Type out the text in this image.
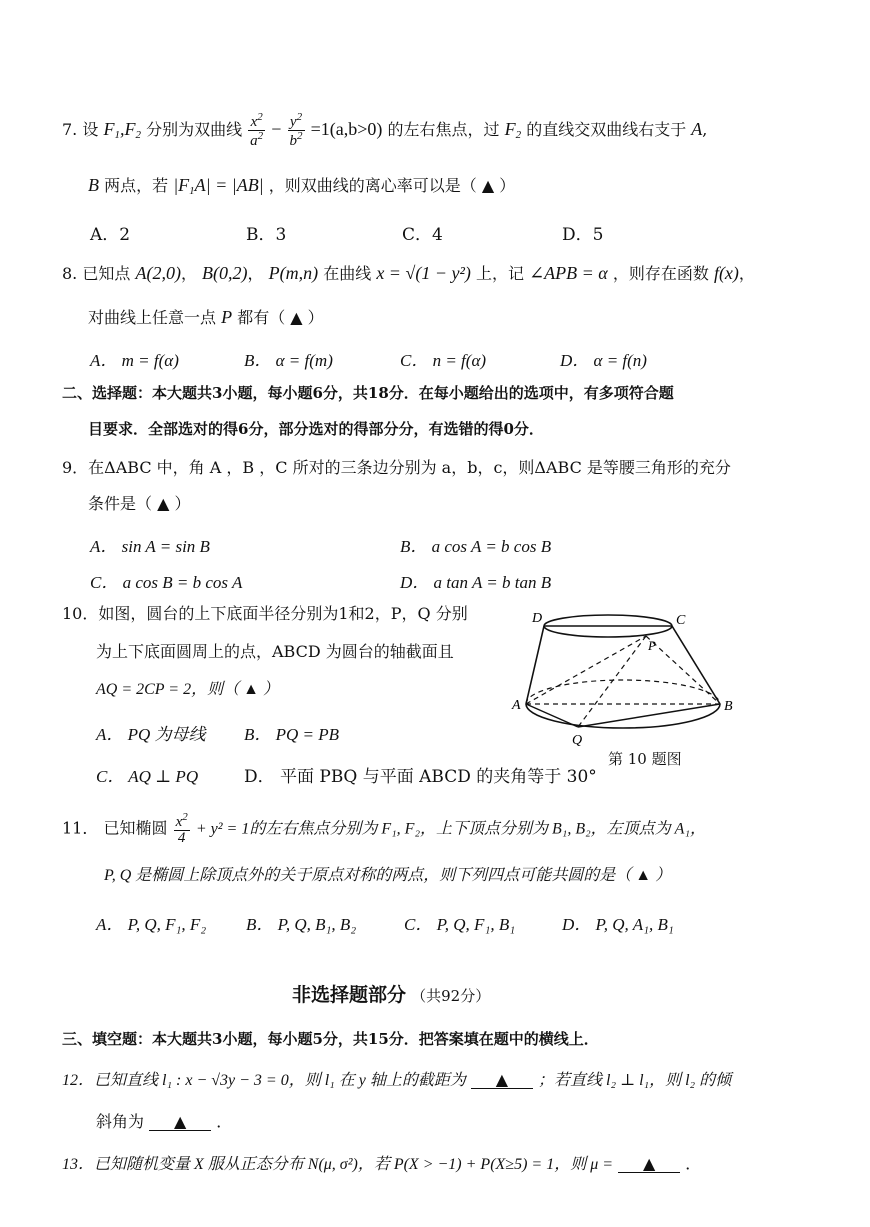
7. 设 $F_1,F_2$ 分别为双曲线 $\frac{x^2}{a^2} - \frac{y^2}{b^2} =1(a,b>0)$ 的左右焦点，过 $F_2$ 的直线交双曲线右支于 A,
B 两点，若 $|F_1A| = |AB|$ ，则双曲线的离心率可以是（ ▲ ）
A．2	B．3	C．4	D．5
8. 已知点 A(2,0)， B(0,2)， P(m,n) 在曲线 x = √(1 − y²) 上，记 ∠APB = α ，则存在函数 f(x)，
对曲线上任意一点 P 都有（ ▲ ）
A． m = f(α)	B． α = f(m)	C． n = f(α)	D． α = f(n)
二、选择题：本大题共3小题，每小题6分，共18分．在每小题给出的选项中，有多项符合题
目要求．全部选对的得6分，部分选对的得部分分，有选错的得0分．
9．在ΔABC 中，角 A ，B ，C 所对的三条边分别为 a，b，c，则ΔABC 是等腰三角形的充分
条件是（ ▲ ）
A． sin A = sin B	B． a cos A = b cos B
C． a cos B = b cos A	D． a tan A = b tan B
10．如图，圆台的上下底面半径分别为1和2，P，Q 分别
为上下底面圆周上的点，ABCD 为圆台的轴截面且
AQ = 2CP = 2，则（ ▲ ）
A． PQ 为母线 B． PQ = PB
C． AQ ⊥ PQ	D． 平面 PBQ 与平面 ABCD 的夹角等于 30°
D	C
P
A	B
Q
第 10 题图
11． 已知椭圆 $\frac{x^2}{4} + y^2 = 1$的左右焦点分别为 F₁, F₂，上下顶点分别为 B₁, B₂，左顶点为 A₁，
P, Q 是椭圆上除顶点外的关于原点对称的两点，则下列四点可能共圆的是（ ▲ ）
A． P, Q, F₁, F₂ B． P, Q, B₁, B₂	C． P, Q, F₁, B₁	D． P, Q, A₁, B₁
非选择题部分 （共92分）
三、填空题：本大题共3小题，每小题5分，共15分．把答案填在题中的横线上．
12．已知直线 l₁ : x − √3y − 3 = 0，则 l₁ 在 y 轴上的截距为 ▲ ；若直线 l₂ ⊥ l₁，则 l₂ 的倾
斜角为 ▲ ．
13．已知随机变量 X 服从正态分布 N(μ, σ²)，若 P(X > −1) + P(X≥5) = 1，则 μ = ▲ ．
